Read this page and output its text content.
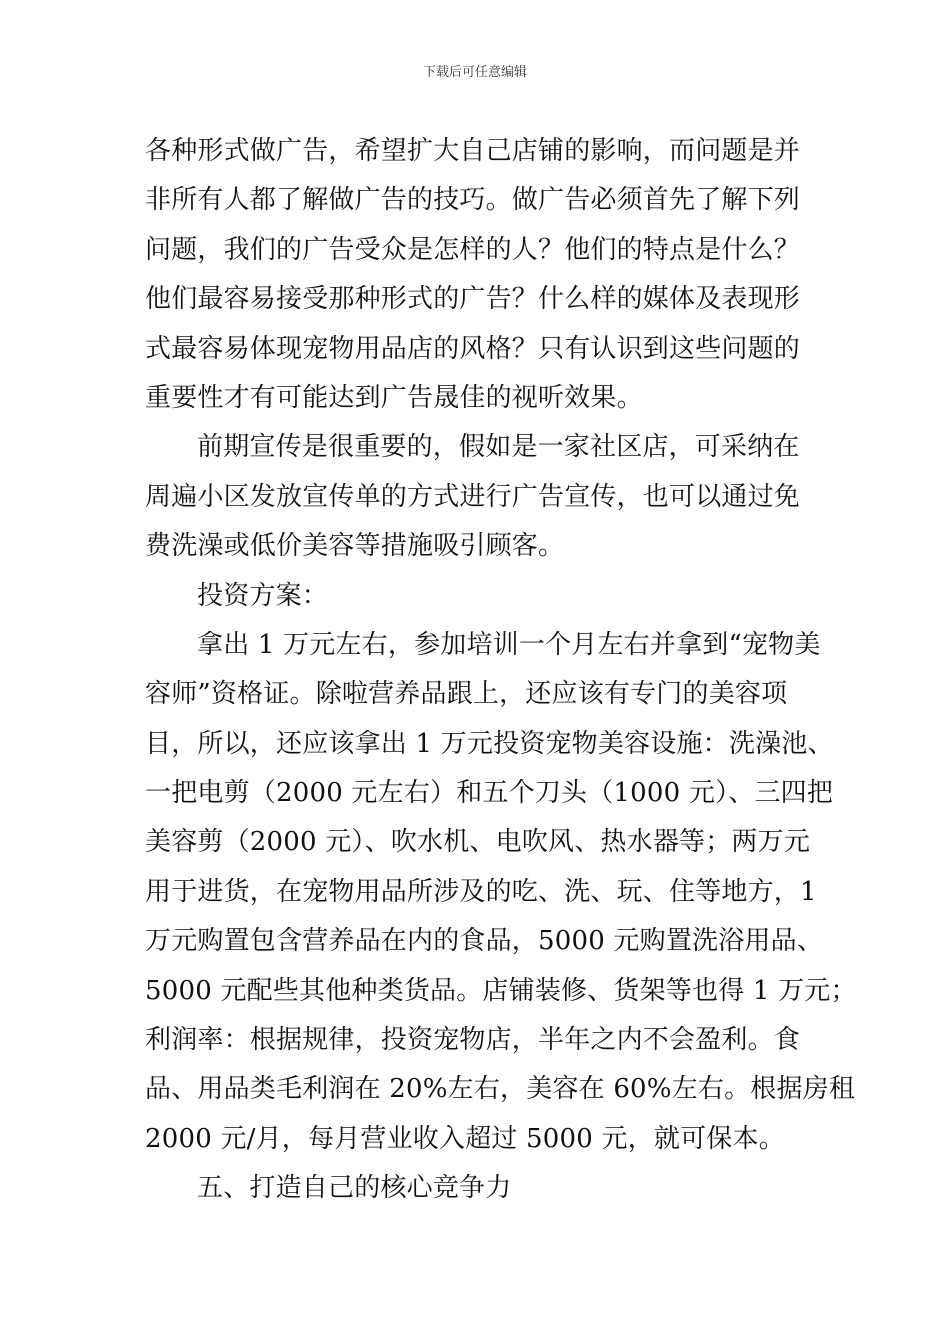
下载后可任意编辑
各种形式做广告，希望扩大自己店铺的影响，而问题是并
非所有人都了解做广告的技巧。做广告必须首先了解下列
问题，我们的广告受众是怎样的人？他们的特点是什么？
他们最容易接受那种形式的广告？什么样的媒体及表现形
式最容易体现宠物用品店的风格？只有认识到这些问题的
重要性才有可能达到广告晟佳的视听效果。
前期宣传是很重要的，假如是一家社区店，可采纳在
周遍小区发放宣传单的方式进行广告宣传，也可以通过免
费洗澡或低价美容等措施吸引顾客。
投资方案：
拿出 1 万元左右，参加培训一个月左右并拿到“宠物美
容师”资格证。除啦营养品跟上，还应该有专门的美容项
目，所以，还应该拿出 1 万元投资宠物美容设施：洗澡池、
一把电剪（2000 元左右）和五个刀头（1000 元）、三四把
美容剪（2000 元）、吹水机、电吹风、热水器等；两万元
用于进货，在宠物用品所涉及的吃、洗、玩、住等地方，1
万元购置包含营养品在内的食品，5000 元购置洗浴用品、
5000 元配些其他种类货品。店铺装修、货架等也得 1 万元；
利润率：根据规律，投资宠物店，半年之内不会盈利。食
品、用品类毛利润在 20%左右，美容在 60%左右。根据房租
2000 元/月，每月营业收入超过 5000 元，就可保本。
五、打造自己的核心竞争力
